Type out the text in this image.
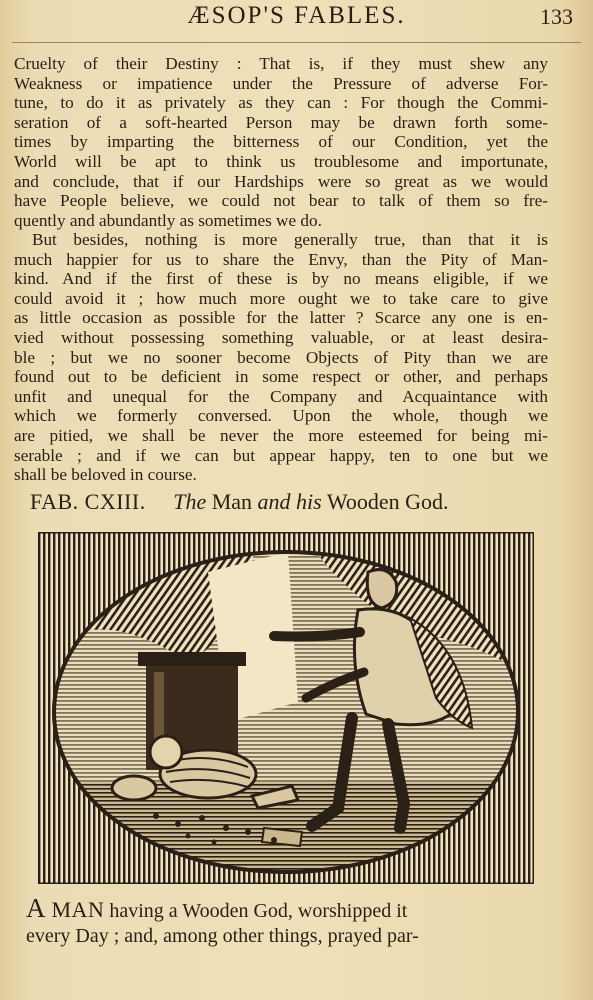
ÆSOP'S FABLES.	133
Cruelty of their Destiny : That is, if they must shew any
Weakness or impatience under the Pressure of adverse For-
tune, to do it as privately as they can : For though the Commi-
seration of a soft-hearted Person may be drawn forth some-
times by imparting the bitterness of our Condition, yet the
World will be apt to think us troublesome and importunate,
and conclude, that if our Hardships were so great as we would
have People believe, we could not bear to talk of them so fre-
quently and abundantly as sometimes we do.
But besides, nothing is more generally true, than that it is
much happier for us to share the Envy, than the Pity of Man-
kind. And if the first of these is by no means eligible, if we
could avoid it ; how much more ought we to take care to give
as little occasion as possible for the latter ? Scarce any one is en-
vied without possessing something valuable, or at least desira-
ble ; but we no sooner become Objects of Pity than we are
found out to be deficient in some respect or other, and perhaps
unfit and unequal for the Company and Acquaintance with
which we formerly conversed. Upon the whole, though we
are pitied, we shall be never the more esteemed for being mi-
serable ; and if we can but appear happy, ten to one but we
shall be beloved in course.
FAB. CXIII. The Man and his Wooden God.
A MAN having a Wooden God, worshipped it
every Day ; and, among other things, prayed par-
